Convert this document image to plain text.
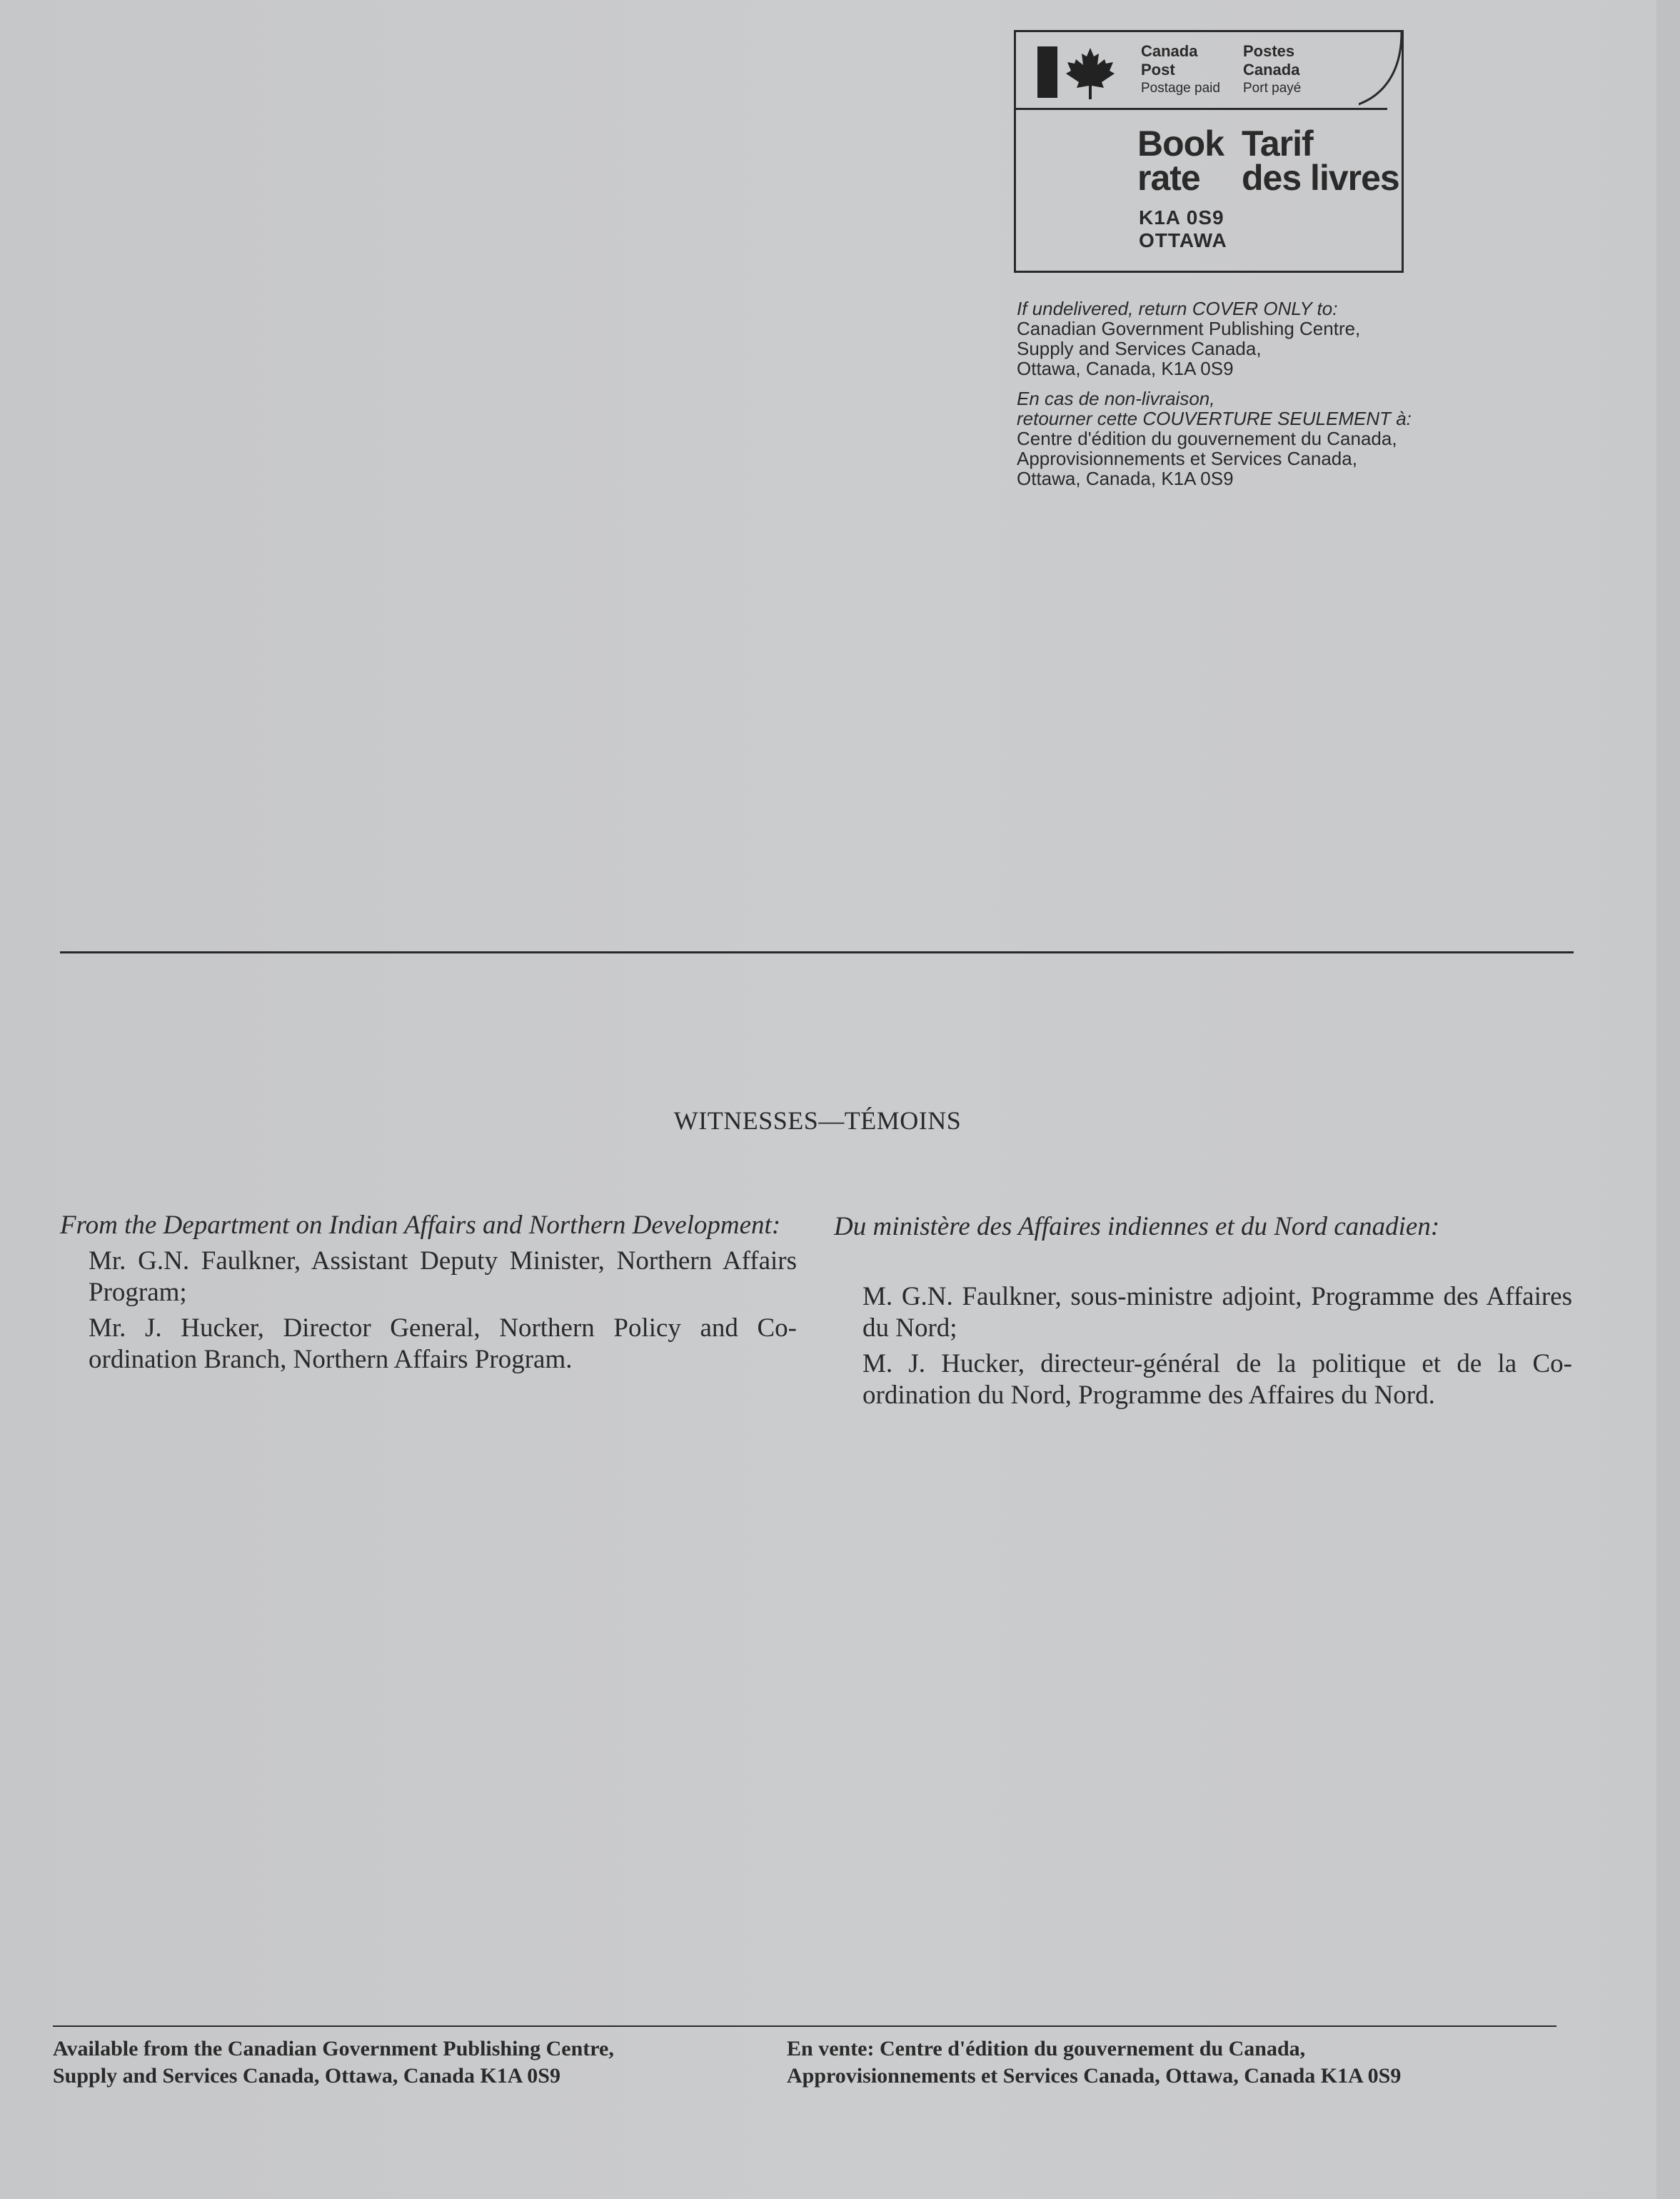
Canada
Post
Postage paid
Postes
Canada
Port payé
Book
rate
Tarif
des livres
K1A 0S9
OTTAWA
If undelivered, return COVER ONLY to:
Canadian Government Publishing Centre,
Supply and Services Canada,
Ottawa, Canada, K1A 0S9
En cas de non-livraison,
retourner cette COUVERTURE SEULEMENT à:
Centre d'édition du gouvernement du Canada,
Approvisionnements et Services Canada,
Ottawa, Canada, K1A 0S9
WITNESSES—TÉMOINS
From the Department on Indian Affairs and Northern Development:
Mr. G.N. Faulkner, Assistant Deputy Minister, Northern Affairs Program;
Mr. J. Hucker, Director General, Northern Policy and Co-ordination Branch, Northern Affairs Program.
Du ministère des Affaires indiennes et du Nord canadien:
M. G.N. Faulkner, sous-ministre adjoint, Programme des Affaires du Nord;
M. J. Hucker, directeur-général de la politique et de la Co-ordination du Nord, Programme des Affaires du Nord.
Available from the Canadian Government Publishing Centre,
Supply and Services Canada, Ottawa, Canada K1A 0S9
En vente: Centre d'édition du gouvernement du Canada,
Approvisionnements et Services Canada, Ottawa, Canada K1A 0S9
